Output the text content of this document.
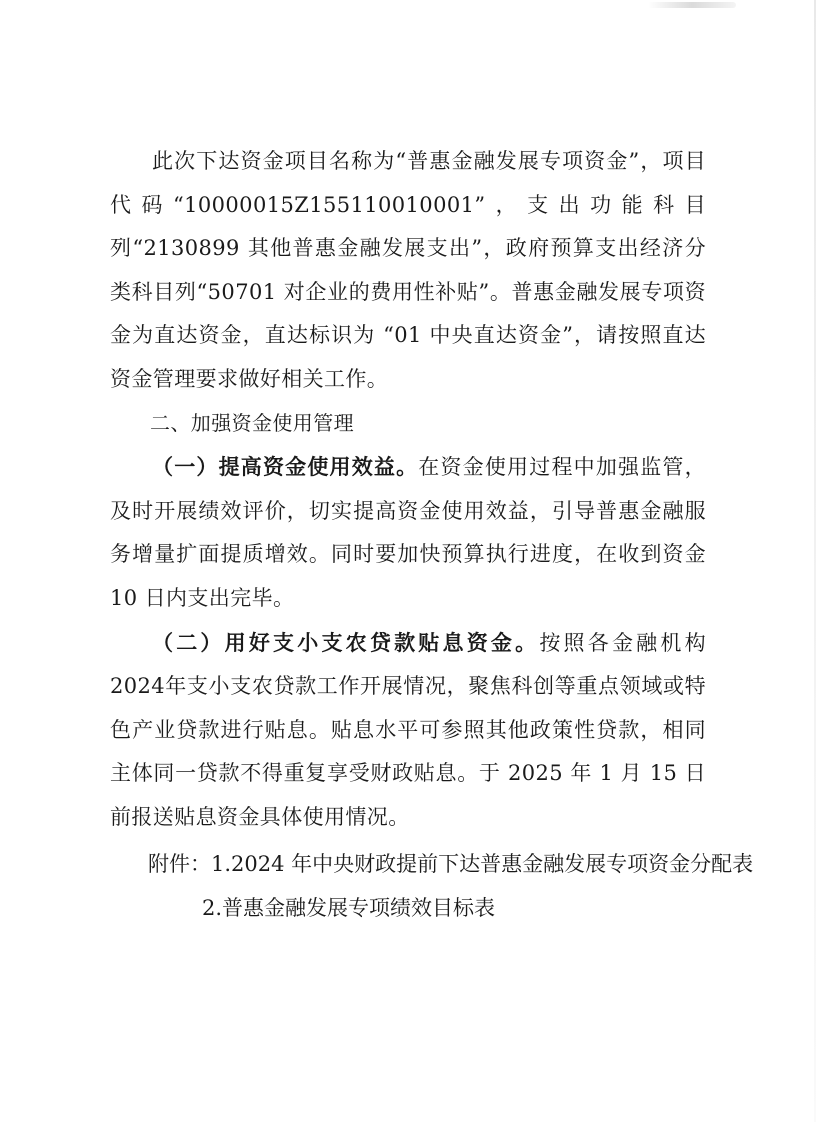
此次下达资金项目名称为“普惠金融发展专项资金”，项目代码“10000015Z155110010001”，支出功能科目列“2130899 其他普惠金融发展支出”，政府预算支出经济分类科目列“50701 对企业的费用性补贴”。普惠金融发展专项资金为直达资金，直达标识为 “01 中央直达资金”，请按照直达资金管理要求做好相关工作。

二、加强资金使用管理

（一）提高资金使用效益。在资金使用过程中加强监管，及时开展绩效评价，切实提高资金使用效益，引导普惠金融服务增量扩面提质增效。同时要加快预算执行进度，在收到资金10 日内支出完毕。

（二）用好支小支农贷款贴息资金。按照各金融机构 2024年支小支农贷款工作开展情况，聚焦科创等重点领域或特色产业贷款进行贴息。贴息水平可参照其他政策性贷款，相同主体同一贷款不得重复享受财政贴息。于 2025 年 1 月 15 日前报送贴息资金具体使用情况。

附件：1.2024 年中央财政提前下达普惠金融发展专项资金分配表
2.普惠金融发展专项绩效目标表
